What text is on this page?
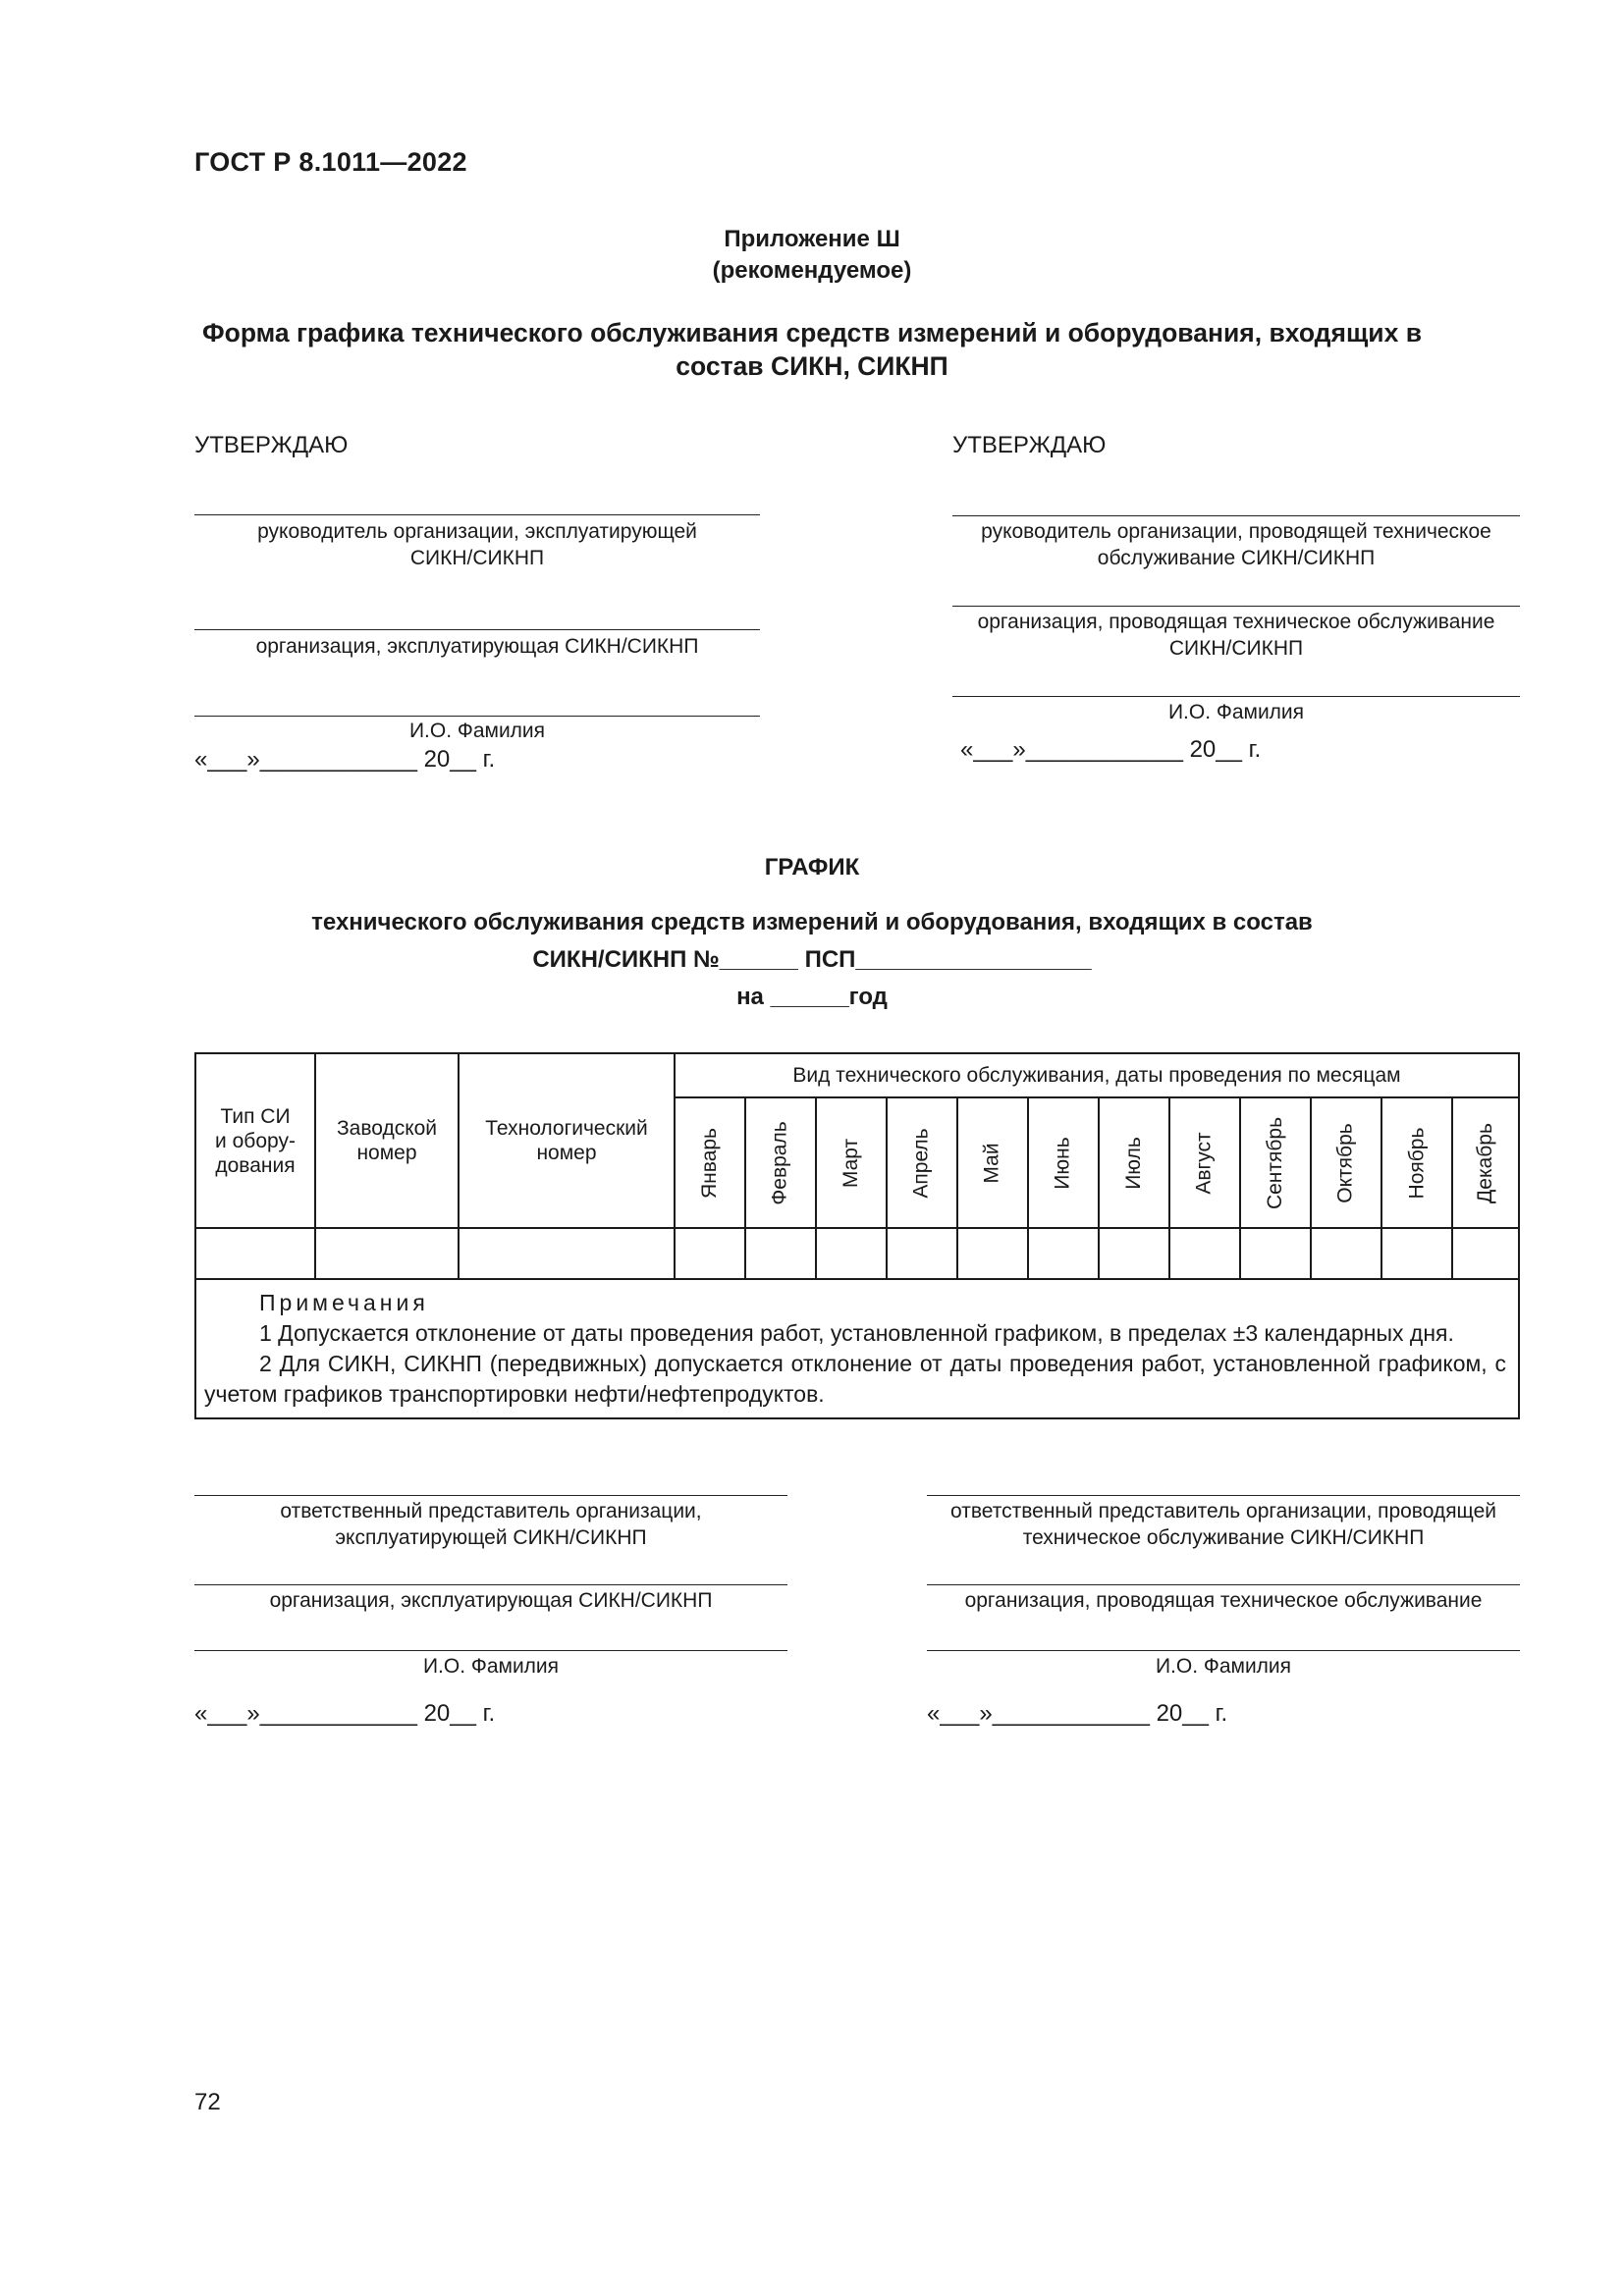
ГОСТ Р 8.1011—2022
Приложение Ш
(рекомендуемое)
Форма графика технического обслуживания средств измерений и оборудования, входящих в состав СИКН, СИКНП
УТВЕРЖДАЮ
руководитель организации, эксплуатирующей
СИКН/СИКНП
организация, эксплуатирующая СИКН/СИКНП
И.О. Фамилия
«___»____________ 20__ г.
УТВЕРЖДАЮ
руководитель организации, проводящей техническое
обслуживание СИКН/СИКНП
организация, проводящая техническое обслуживание
СИКН/СИКНП
И.О. Фамилия
«___»____________ 20__ г.
ГРАФИК
технического обслуживания средств измерений и оборудования, входящих в состав
СИКН/СИКНП №______ ПСП__________________
на ______год
Тип СИ
и обору-
дования
Заводской
номер
Технологический
номер
Вид технического обслуживания, даты проведения по месяцам
Январь Февраль Март Апрель Май Июнь Июль Август Сентябрь Октябрь Ноябрь Декабрь
Примечания
1 Допускается отклонение от даты проведения работ, установленной графиком, в пределах ±3 календарных дня.
2 Для СИКН, СИКНП (передвижных) допускается отклонение от даты проведения работ, установленной графиком, с учетом графиков транспортировки нефти/нефтепродуктов.
ответственный представитель организации,
эксплуатирующей СИКН/СИКНП
организация, эксплуатирующая СИКН/СИКНП
И.О. Фамилия
«___»____________ 20__ г.
ответственный представитель организации, проводящей
техническое обслуживание СИКН/СИКНП
организация, проводящая техническое обслуживание
И.О. Фамилия
«___»____________ 20__ г.
72
